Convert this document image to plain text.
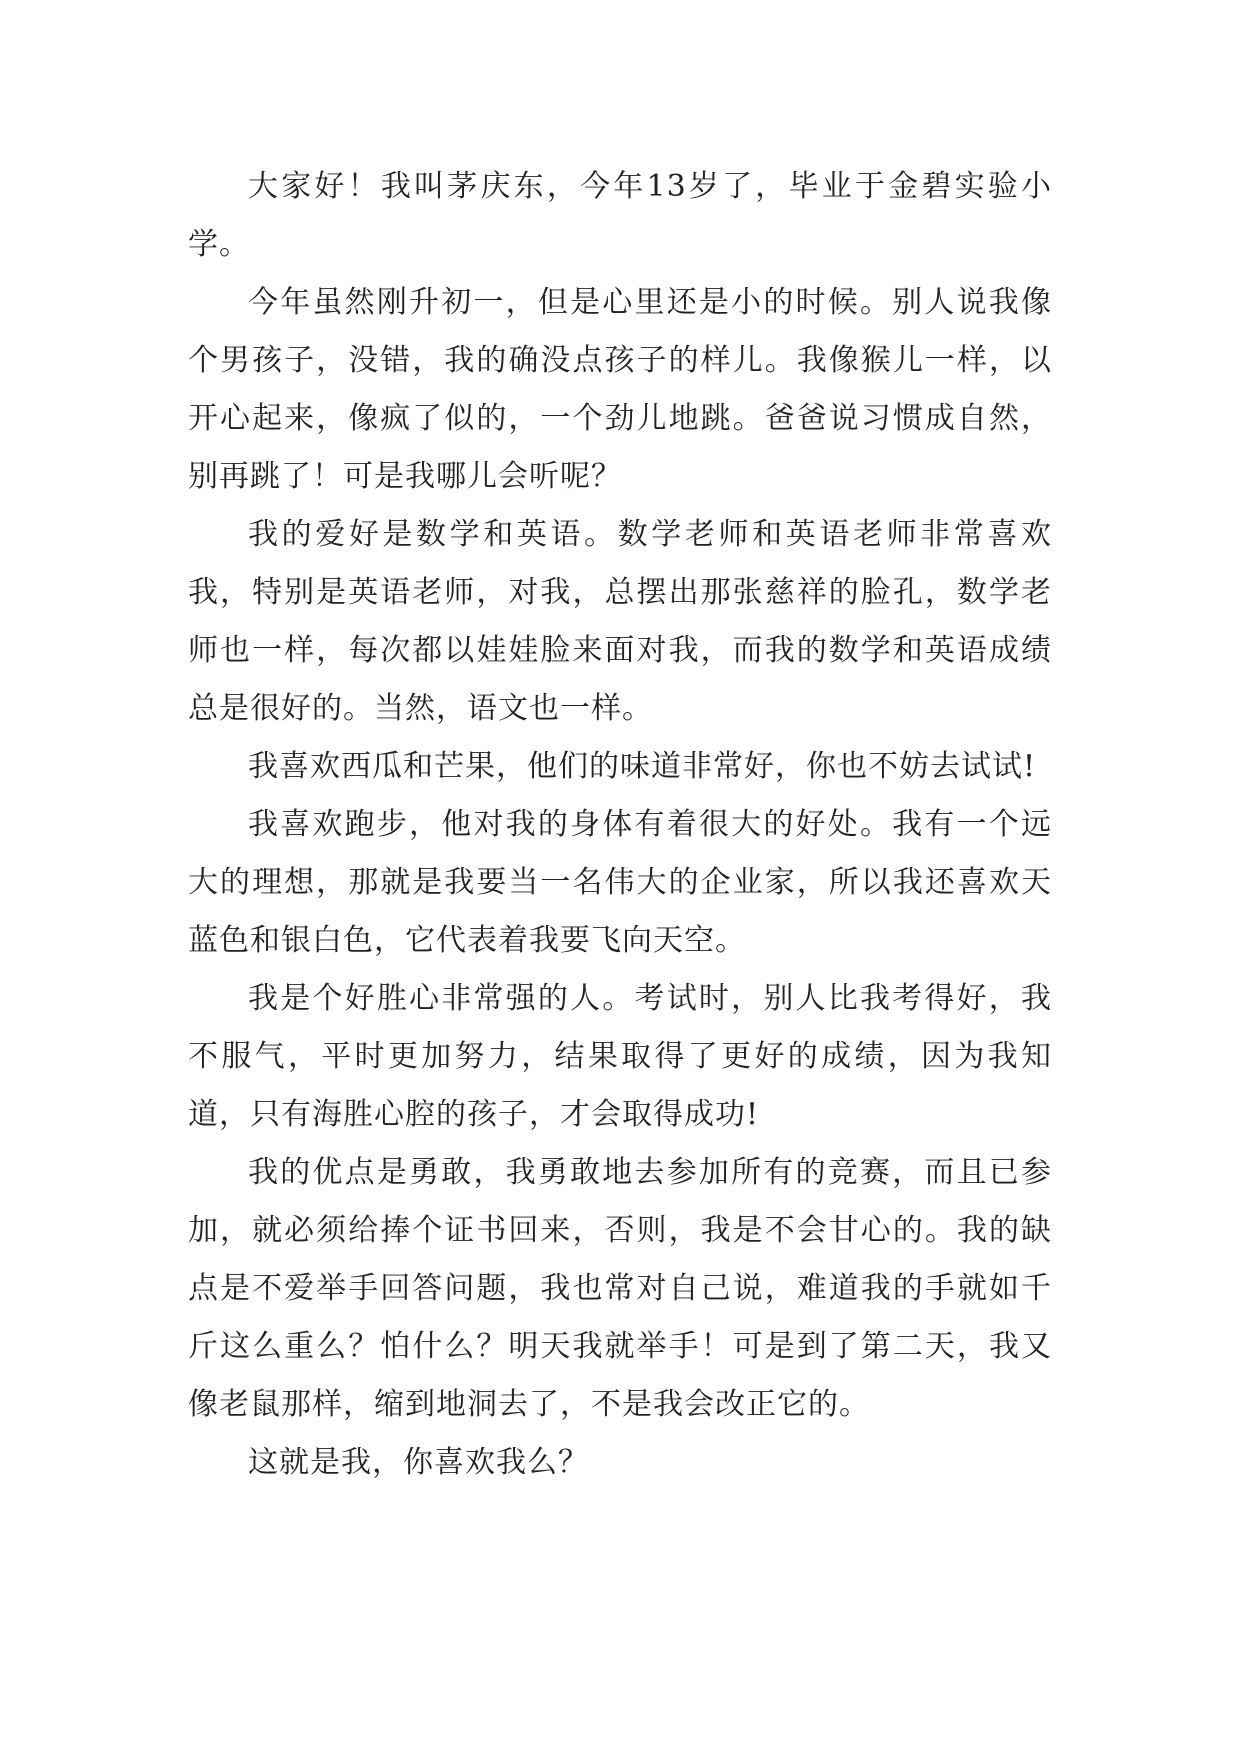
大家好！我叫茅庆东，今年13岁了，毕业于金碧实验小学。

今年虽然刚升初一，但是心里还是小的时候。别人说我像个男孩子，没错，我的确没点孩子的样儿。我像猴儿一样，以开心起来，像疯了似的，一个劲儿地跳。爸爸说习惯成自然，别再跳了！可是我哪儿会听呢？

我的爱好是数学和英语。数学老师和英语老师非常喜欢我，特别是英语老师，对我，总摆出那张慈祥的脸孔，数学老师也一样，每次都以娃娃脸来面对我，而我的数学和英语成绩总是很好的。当然，语文也一样。

我喜欢西瓜和芒果，他们的味道非常好，你也不妨去试试!

我喜欢跑步，他对我的身体有着很大的好处。我有一个远大的理想，那就是我要当一名伟大的企业家，所以我还喜欢天蓝色和银白色，它代表着我要飞向天空。

我是个好胜心非常强的人。考试时，别人比我考得好，我不服气，平时更加努力，结果取得了更好的成绩，因为我知道，只有海胜心腔的孩子，才会取得成功!

我的优点是勇敢，我勇敢地去参加所有的竞赛，而且已参加，就必须给捧个证书回来，否则，我是不会甘心的。我的缺点是不爱举手回答问题，我也常对自己说，难道我的手就如千斤这么重么？怕什么？明天我就举手！可是到了第二天，我又像老鼠那样，缩到地洞去了，不是我会改正它的。

这就是我，你喜欢我么？
